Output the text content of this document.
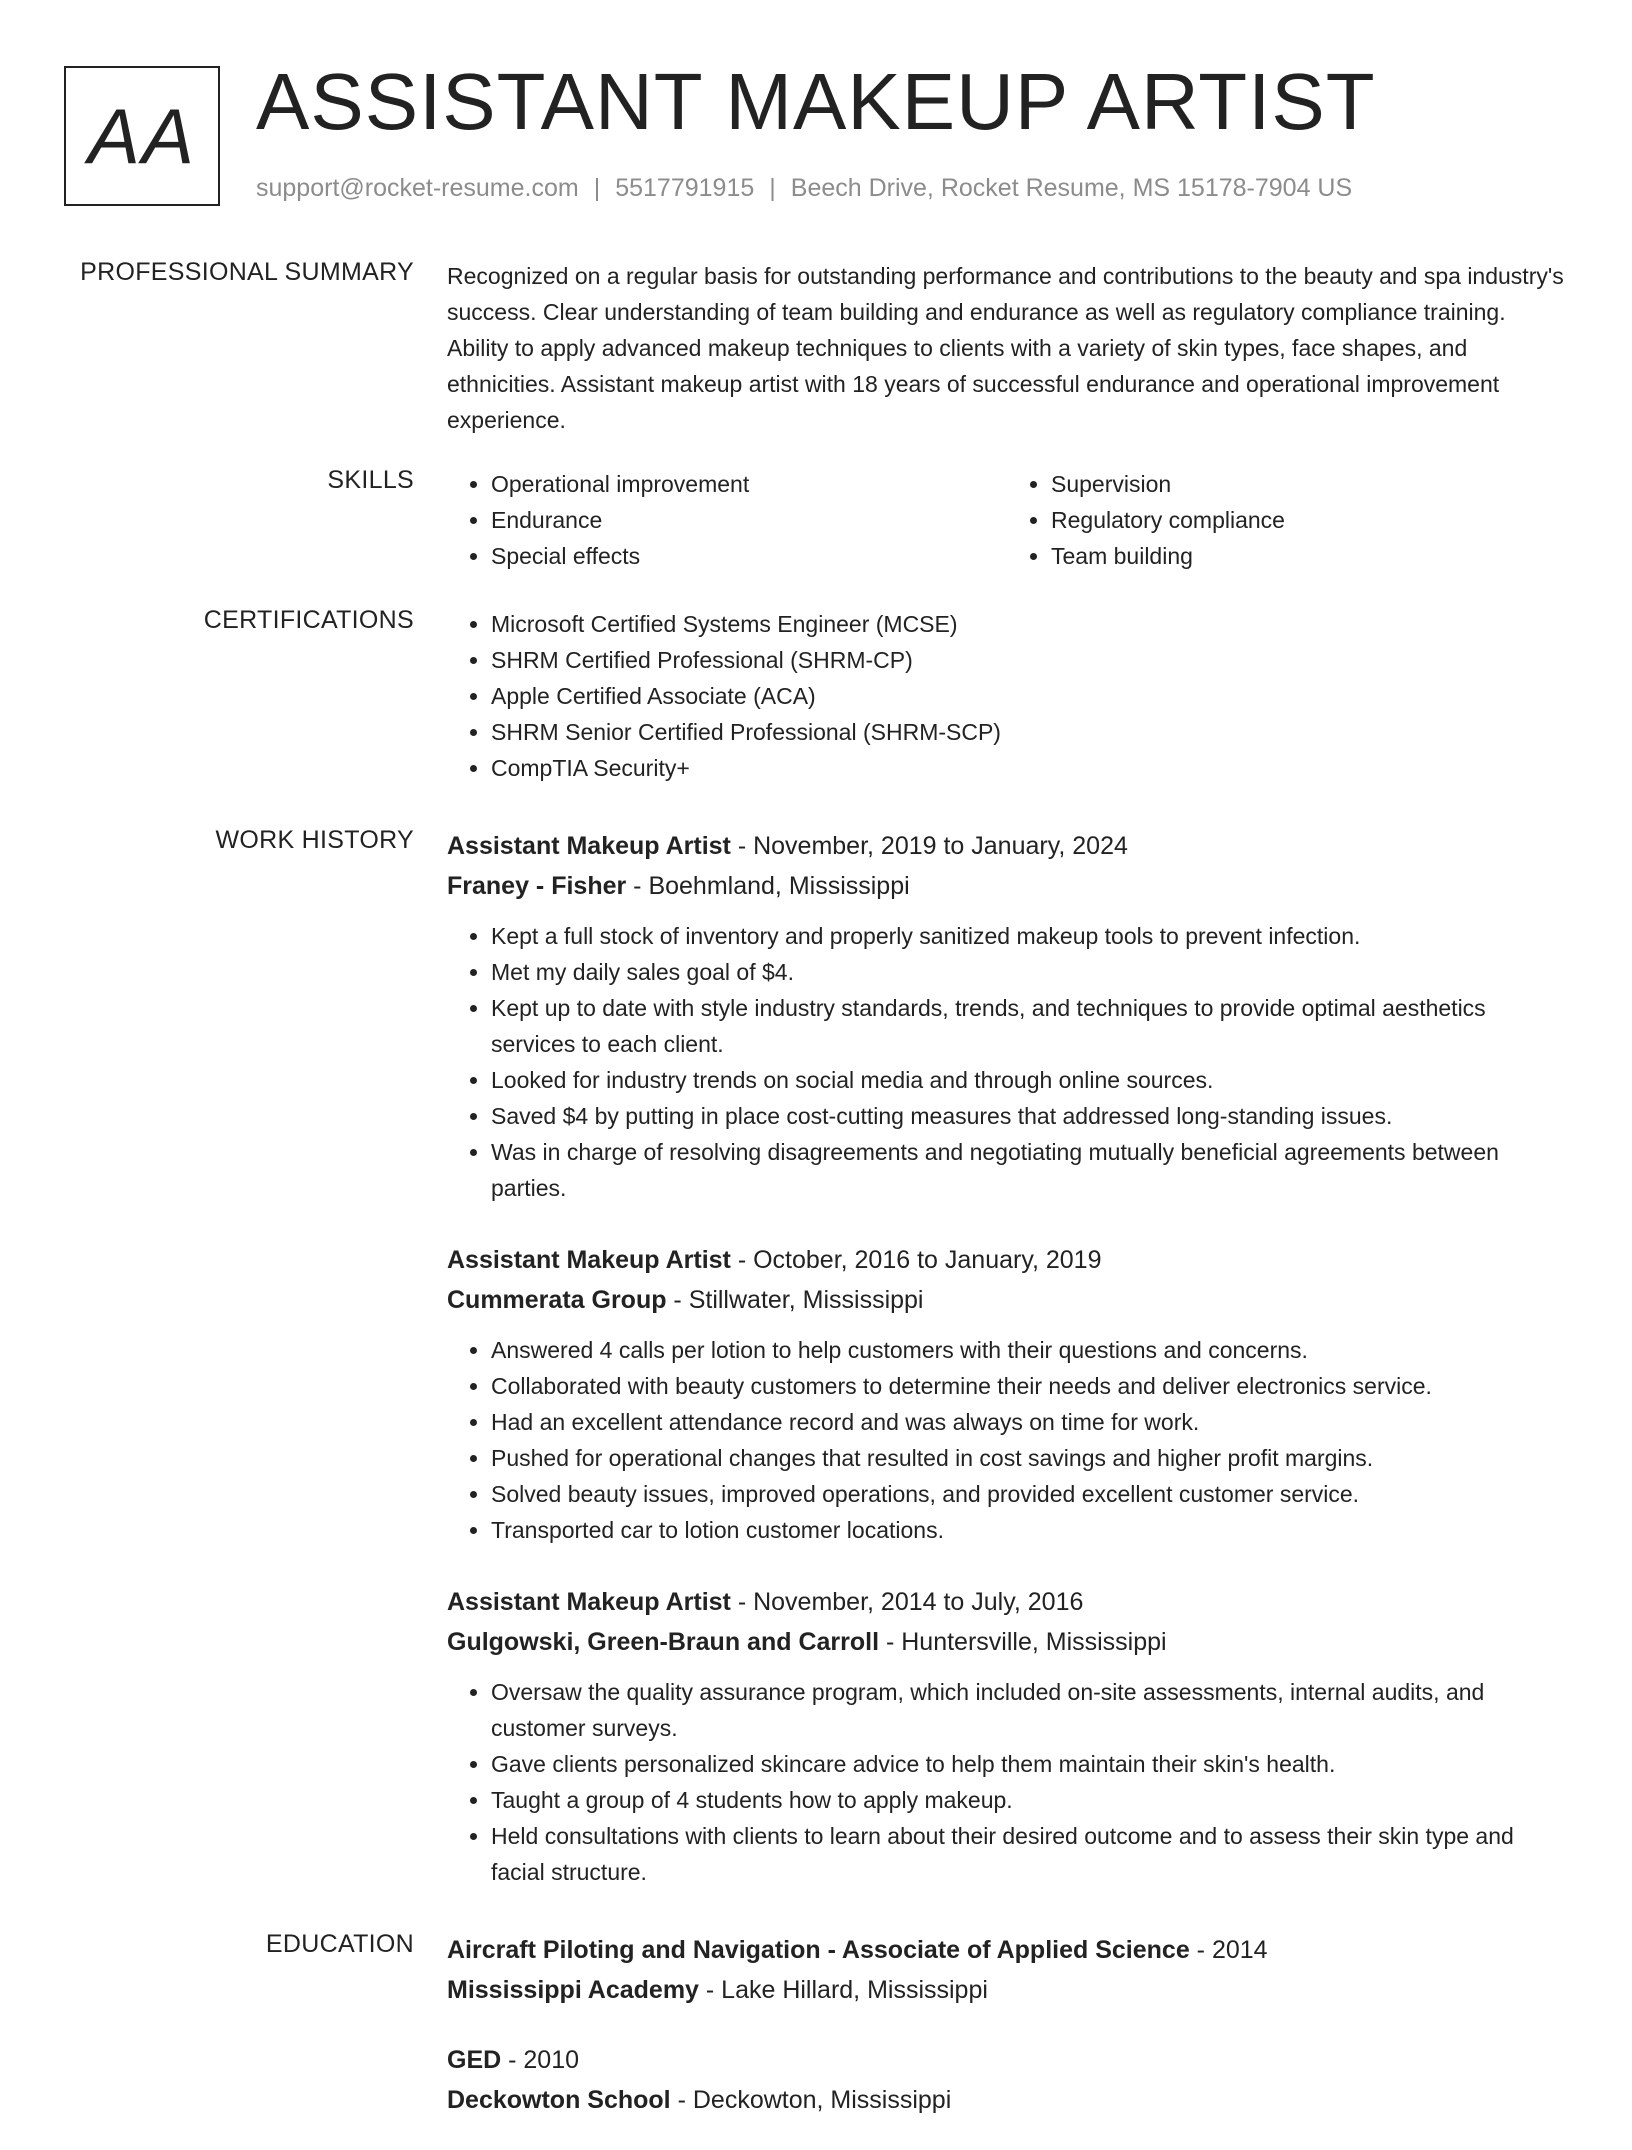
AA ASSISTANT MAKEUP ARTIST
support@rocket-resume.com | 5517791915 | Beech Drive, Rocket Resume, MS 15178-7904 US
PROFESSIONAL SUMMARY Recognized on a regular basis for outstanding performance and contributions to the beauty and spa industry's success. Clear understanding of team building and endurance as well as regulatory compliance training. Ability to apply advanced makeup techniques to clients with a variety of skin types, face shapes, and ethnicities. Assistant makeup artist with 18 years of successful endurance and operational improvement experience.

SKILLS	• Operational improvement
• Endurance
• Special effects
• Supervision
• Regulatory compliance
• Team building
CERTIFICATIONS	• Microsoft Certified Systems Engineer (MCSE)
• SHRM Certified Professional (SHRM-CP)
• Apple Certified Associate (ACA)
• SHRM Senior Certified Professional (SHRM-SCP)
• CompTIA Security+
WORK HISTORY Assistant Makeup Artist - November, 2019 to January, 2024
Franey - Fisher - Boehmland, Mississippi
• Kept a full stock of inventory and properly sanitized makeup tools to prevent infection.
• Met my daily sales goal of $4.
• Kept up to date with style industry standards, trends, and techniques to provide optimal aesthetics services to each client.
• Looked for industry trends on social media and through online sources.
• Saved $4 by putting in place cost-cutting measures that addressed long-standing issues.
• Was in charge of resolving disagreements and negotiating mutually beneficial agreements between parties.
Assistant Makeup Artist - October, 2016 to January, 2019
Cummerata Group - Stillwater, Mississippi
• Answered 4 calls per lotion to help customers with their questions and concerns.
• Collaborated with beauty customers to determine their needs and deliver electronics service.
• Had an excellent attendance record and was always on time for work.
• Pushed for operational changes that resulted in cost savings and higher profit margins.
• Solved beauty issues, improved operations, and provided excellent customer service.
• Transported car to lotion customer locations.
Assistant Makeup Artist - November, 2014 to July, 2016
Gulgowski, Green-Braun and Carroll - Huntersville, Mississippi
• Oversaw the quality assurance program, which included on-site assessments, internal audits, and customer surveys.
• Gave clients personalized skincare advice to help them maintain their skin's health.
• Taught a group of 4 students how to apply makeup.
• Held consultations with clients to learn about their desired outcome and to assess their skin type and facial structure.
EDUCATION Aircraft Piloting and Navigation - Associate of Applied Science - 2014
Mississippi Academy - Lake Hillard, Mississippi
GED - 2010
Deckowton School - Deckowton, Mississippi
